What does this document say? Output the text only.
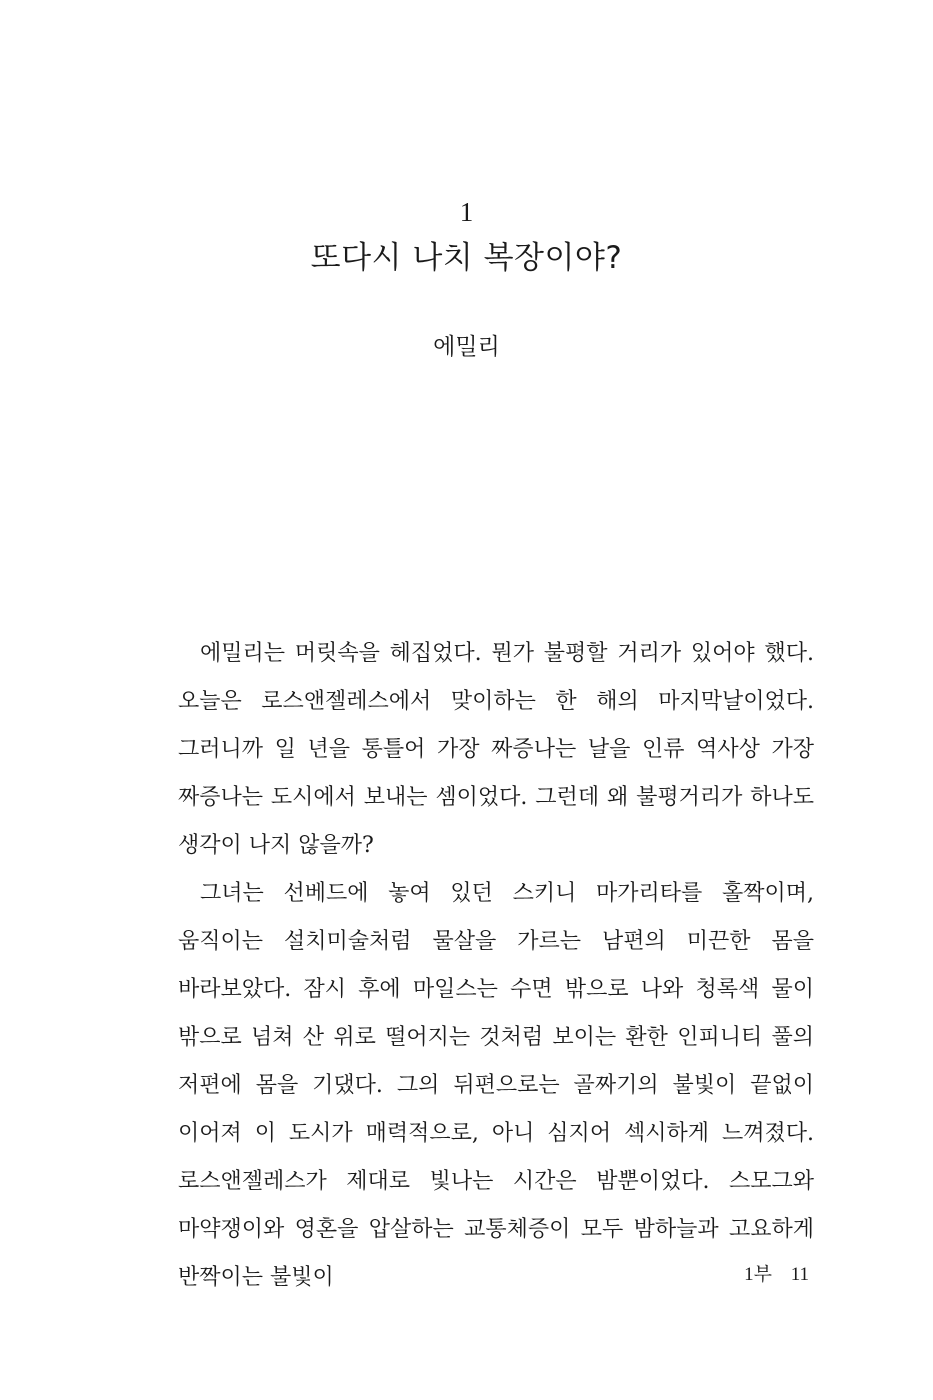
1
또다시 나치 복장이야?
에밀리

에밀리는 머릿속을 헤집었다. 뭔가 불평할 거리가 있어야 했다. 오늘은 로스앤젤레스에서 맞이하는 한 해의 마지막날이었다. 그러니까 일 년을 통틀어 가장 짜증나는 날을 인류 역사상 가장 짜증나는 도시에서 보내는 셈이었다. 그런데 왜 불평거리가 하나도 생각이 나지 않을까?

그녀는 선베드에 놓여 있던 스키니 마가리타를 홀짝이며, 움직이는 설치미술처럼 물살을 가르는 남편의 미끈한 몸을 바라보았다. 잠시 후에 마일스는 수면 밖으로 나와 청록색 물이 밖으로 넘쳐 산 위로 떨어지는 것처럼 보이는 환한 인피니티 풀의 저편에 몸을 기댔다. 그의 뒤편으로는 골짜기의 불빛이 끝없이 이어져 이 도시가 매력적으로, 아니 심지어 섹시하게 느껴졌다. 로스앤젤레스가 제대로 빛나는 시간은 밤뿐이었다. 스모그와 마약쟁이와 영혼을 압살하는 교통체증이 모두 밤하늘과 고요하게 반짝이는 불빛이	1부 11
